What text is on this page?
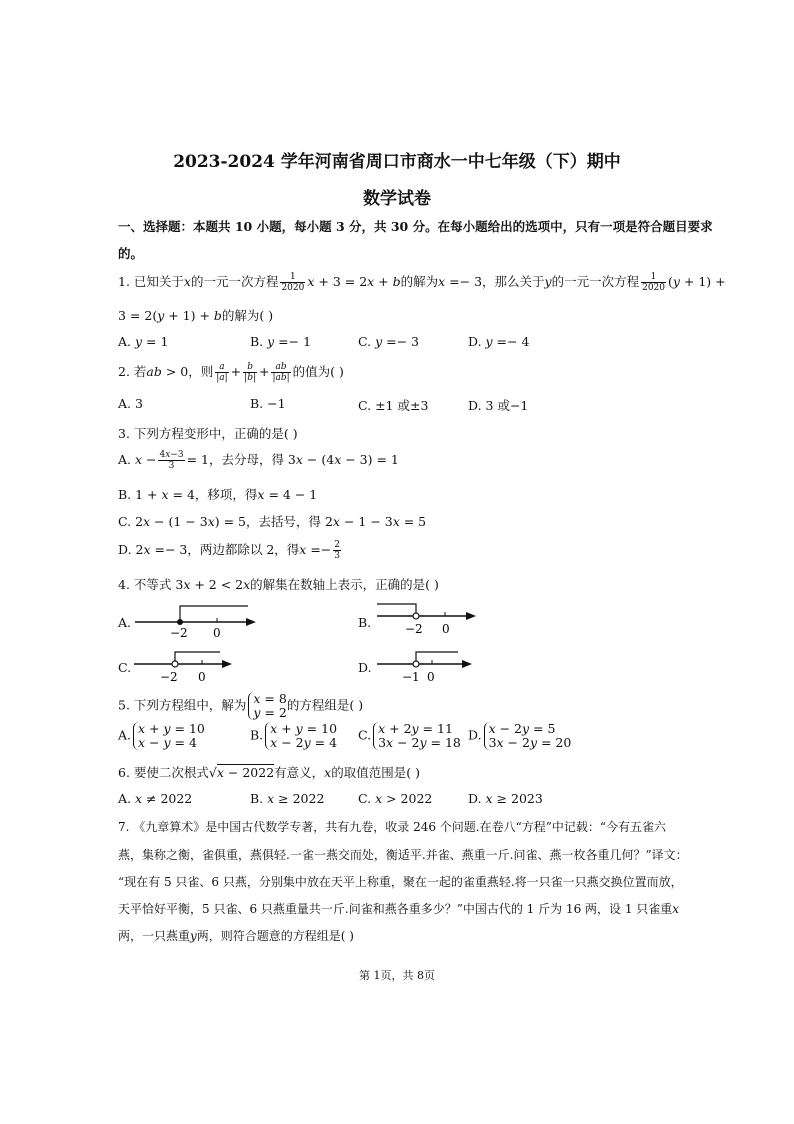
2023-2024 学年河南省周口市商水一中七年级（下）期中
数学试卷
一、选择题：本题共 10 小题，每小题 3 分，共 30 分。在每小题给出的选项中，只有一项是符合题目要求
的。
1. 已知关于𝑥的一元一次方程 $\frac{1}{2020}$ 𝑥 + 3 = 2𝑥 + 𝑏的解为𝑥 =− 3，那么关于𝑦的一元一次方程 $\frac{1}{2020}$ (𝑦 + 1) +
3 = 2(𝑦 + 1) + 𝑏的解为( )
A. 𝑦 = 1	B. 𝑦 =− 1	C. 𝑦 =− 3	D. 𝑦 =− 4
2. 若𝑎𝑏 > 0，则 $\frac{\text{𝑎}}{\text{|𝑎|}} + \frac{\text{𝑏}}{\text{|𝑏|}} + \frac{\text{𝑎𝑏}}{\text{|𝑎𝑏|}}$ 的值为( )
A. 3	B. −1	C. ±1 或±3	D. 3 或−1
3. 下列方程变形中，正确的是( )
A. 𝑥 − $\frac{\text{4𝑥−3}}{3} = 1$，去分母，得 3𝑥 − (4𝑥 − 3) = 1
B. 1 + 𝑥 = 4，移项，得𝑥 = 4 − 1
C. 2𝑥 − (1 − 3𝑥) = 5，去括号，得 2𝑥 − 1 − 3𝑥 = 5
D. 2𝑥 =− 3，两边都除以 2，得𝑥 =− $\frac{2}{3}$
4. 不等式 3𝑥 + 2 < 2𝑥的解集在数轴上表示，正确的是( )
A.
−2 0
B.	−2 0
C.
−2 0
D.
−1 0
5. 下列方程组中，解为 𝑥 = 8
𝑦 = 2 的方程组是( )
A. 𝑥 + 𝑦 = 10
𝑥 − 𝑦 = 4	B. 𝑥 + 𝑦 = 10
𝑥 − 2𝑦 = 4 C. 𝑥 + 2𝑦 = 11
3𝑥 − 2𝑦 = 18 D. 𝑥 − 2𝑦 = 5
3𝑥 − 2𝑦 = 20
6. 要使二次根式√𝑥 − 2022有意义，𝑥的取值范围是( )
A. 𝑥 ≠ 2022	B. 𝑥 ≥ 2022	C. 𝑥 > 2022	D. 𝑥 ≥ 2023
7. 《九章算术》是中国古代数学专著，共有九卷，收录 246 个问题.在卷八“方程”中记载：“今有五雀六
燕，集称之衡，雀俱重，燕俱轻.一雀一燕交而处，衡适平.并雀、燕重一斤.问雀、燕一枚各重几何？”译文：
“现在有 5 只雀、6 只燕，分别集中放在天平上称重，聚在一起的雀重燕轻.将一只雀一只燕交换位置而放，
天平恰好平衡，5 只雀、6 只燕重量共一斤.问雀和燕各重多少？”中国古代的 1 斤为 16 两，设 1 只雀重𝑥
两，一只燕重𝑦两，则符合题意的方程组是( )
第 1页，共 8页
